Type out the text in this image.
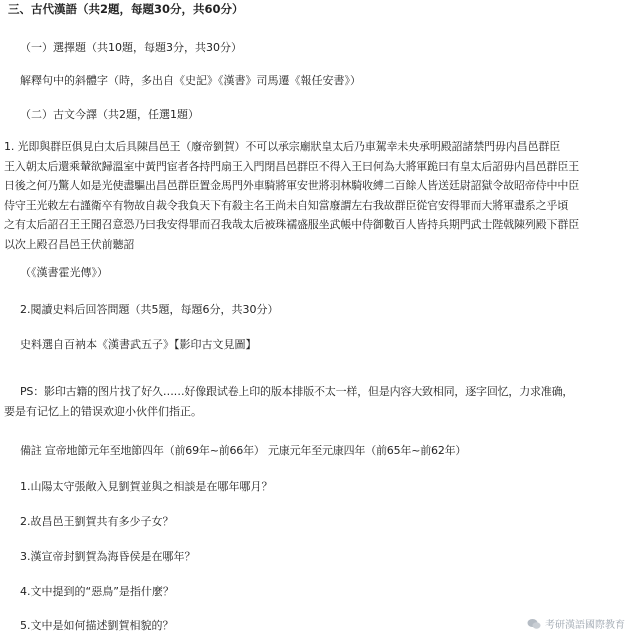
三、古代漢語（共2題，每題30分，共60分）
（一）選擇題（共10題，每題3分，共30分）
解釋句中的斜體字（時，多出自《史記》《漢書》司馬遷《報任安書》）
（二）古文今譯（共2題，任選1題）
1. 光即與群臣俱見白太后具陳昌邑王（廢帝劉賀）不可以承宗廟狀皇太后乃車駕幸未央承明殿詔諸禁門毋内昌邑群臣
王入朝太后還乘輦欲歸溫室中黃門宦者各持門扇王入門閉昌邑群臣不得入王曰何為大將軍跪曰有皇太后詔毋内昌邑群臣王
日後之何乃驚人如是光使盡驅出昌邑群臣置金馬門外車騎將軍安世將羽林騎收縛二百餘人皆送廷尉詔獄令故昭帝侍中中臣
侍守王光敕左右謹衛卒有物故自裁令我負天下有殺主名王尚未自知當廢謂左右我故群臣從官安得罪而大將軍盡系之乎頃
之有太后詔召王王聞召意恐乃曰我安得罪而召我哉太后被珠襦盛服坐武帳中侍御數百人皆持兵期門武士陛戟陳列殿下群臣
以次上殿召昌邑王伏前聽詔
（《漢書霍光傳》）
2.閱讀史料后回答問題（共5題，每題6分，共30分）
史料選自百衲本《漢書武五子》【影印古文見圖】
PS：影印古籍的图片找了好久……好像跟试卷上印的版本排版不太一样，但是内容大致相同，逐字回忆，力求准确，
要是有记忆上的错误欢迎小伙伴们指正。
備註 宣帝地節元年至地節四年（前69年~前66年） 元康元年至元康四年（前65年~前62年）
1.山陽太守張敞入見劉賀並與之相談是在哪年哪月？
2.故昌邑王劉賀共有多少子女？
3.漢宣帝封劉賀為海昏侯是在哪年？
4.文中提到的“惡鳥”是指什麼？
5.文中是如何描述劉賀相貌的？	考研漢語國際教育
